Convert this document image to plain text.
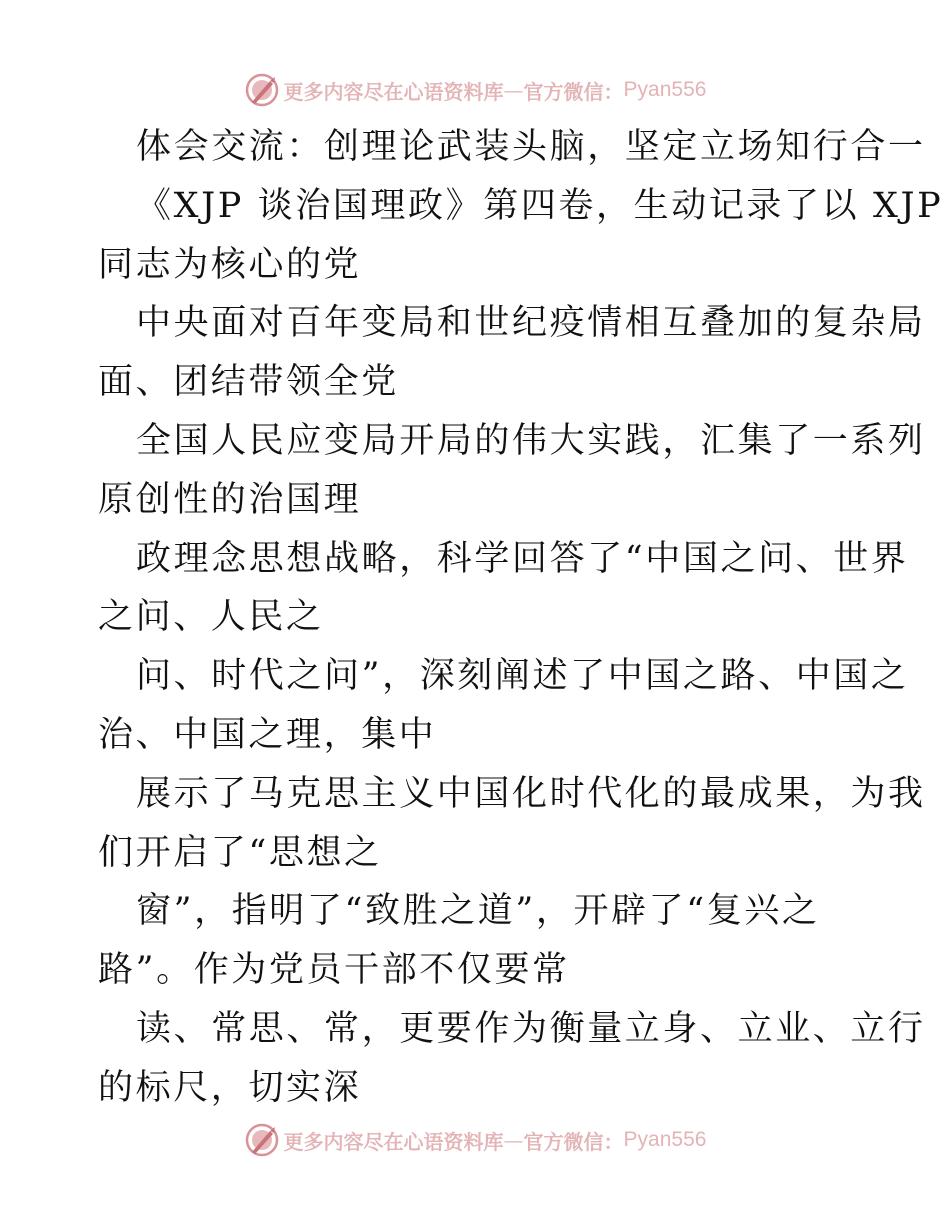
更多内容尽在心语资料库 — 官方微信： Pyan556
体会交流：创理论武装头脑，坚定立场知行合一
《XJP 谈治国理政》第四卷，生动记录了以 XJP
同志为核心的党
中央面对百年变局和世纪疫情相互叠加的复杂局
面、团结带领全党
全国人民应变局开局的伟大实践，汇集了一系列
原创性的治国理
政理念思想战略，科学回答了“中国之问、世界
之问、人民之
问、时代之问”，深刻阐述了中国之路、中国之
治、中国之理，集中
展示了马克思主义中国化时代化的最成果，为我
们开启了“思想之
窗”，指明了“致胜之道”，开辟了“复兴之
路”。作为党员干部不仅要常
读、常思、常，更要作为衡量立身、立业、立行
的标尺，切实深
更多内容尽在心语资料库 — 官方微信： Pyan556
